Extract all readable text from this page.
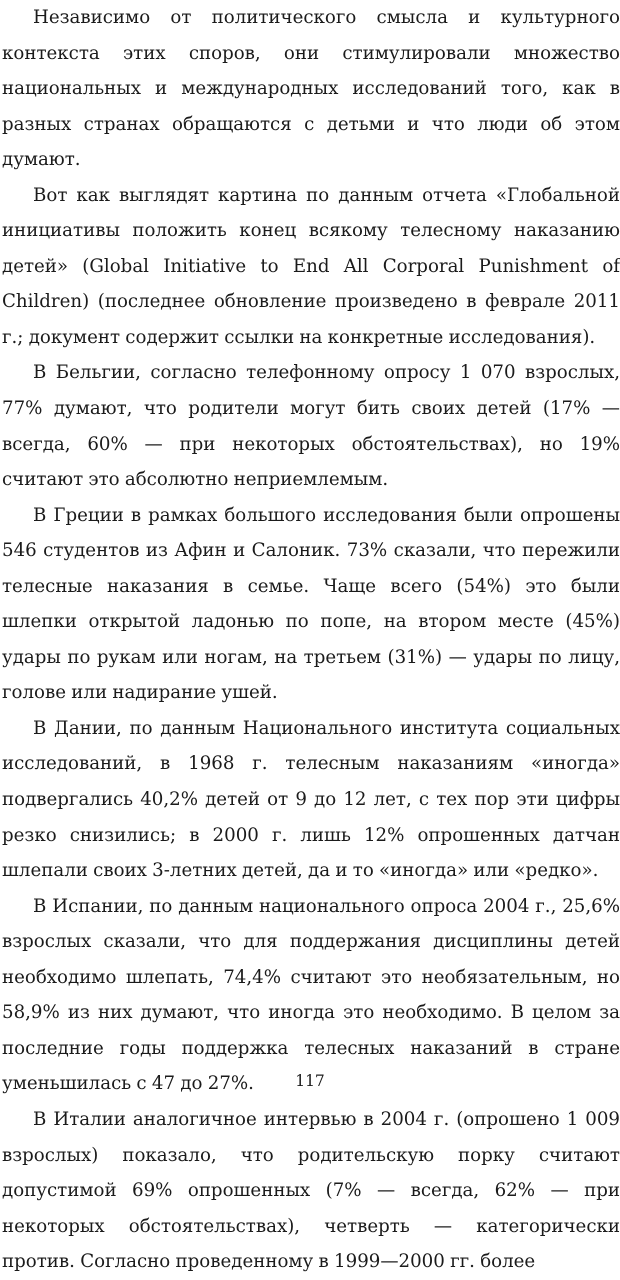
Независимо от политического смысла и культурного контекста этих споров, они стимулировали множество национальных и международных исследований того, как в разных странах обращаются с детьми и что люди об этом думают.

Вот как выглядят картина по данным отчета «Глобальной инициативы положить конец всякому телесному наказанию детей» (Global Initiative to End All Corporal Punishment of Children) (последнее обновление произведено в феврале 2011 г.; документ содержит ссылки на конкретные исследования).

В Бельгии, согласно телефонному опросу 1 070 взрослых, 77% думают, что родители могут бить своих детей (17% — всегда, 60% — при некоторых обстоятельствах), но 19% считают это абсолютно неприемлемым.

В Греции в рамках большого исследования были опрошены 546 студентов из Афин и Салоник. 73% сказали, что пережили телесные наказания в семье. Чаще всего (54%) это были шлепки открытой ладонью по попе, на втором месте (45%) удары по рукам или ногам, на третьем (31%) — удары по лицу, голове или надирание ушей.

В Дании, по данным Национального института социальных исследований, в 1968 г. телесным наказаниям «иногда» подвергались 40,2% детей от 9 до 12 лет, с тех пор эти цифры резко снизились; в 2000 г. лишь 12% опрошенных датчан шлепали своих 3-летних детей, да и то «иногда» или «редко».

В Испании, по данным национального опроса 2004 г., 25,6% взрослых сказали, что для поддержания дисциплины детей необходимо шлепать, 74,4% считают это необязательным, но 58,9% из них думают, что иногда это необходимо. В целом за последние годы поддержка телесных наказаний в стране уменьшилась с 47 до 27%.

В Италии аналогичное интервью в 2004 г. (опрошено 1 009 взрослых) показало, что родительскую порку считают допустимой 69% опрошенных (7% — всегда, 62% — при некоторых обстоятельствах), четверть — категорически против. Согласно проведенному в 1999—2000 гг. более

117
